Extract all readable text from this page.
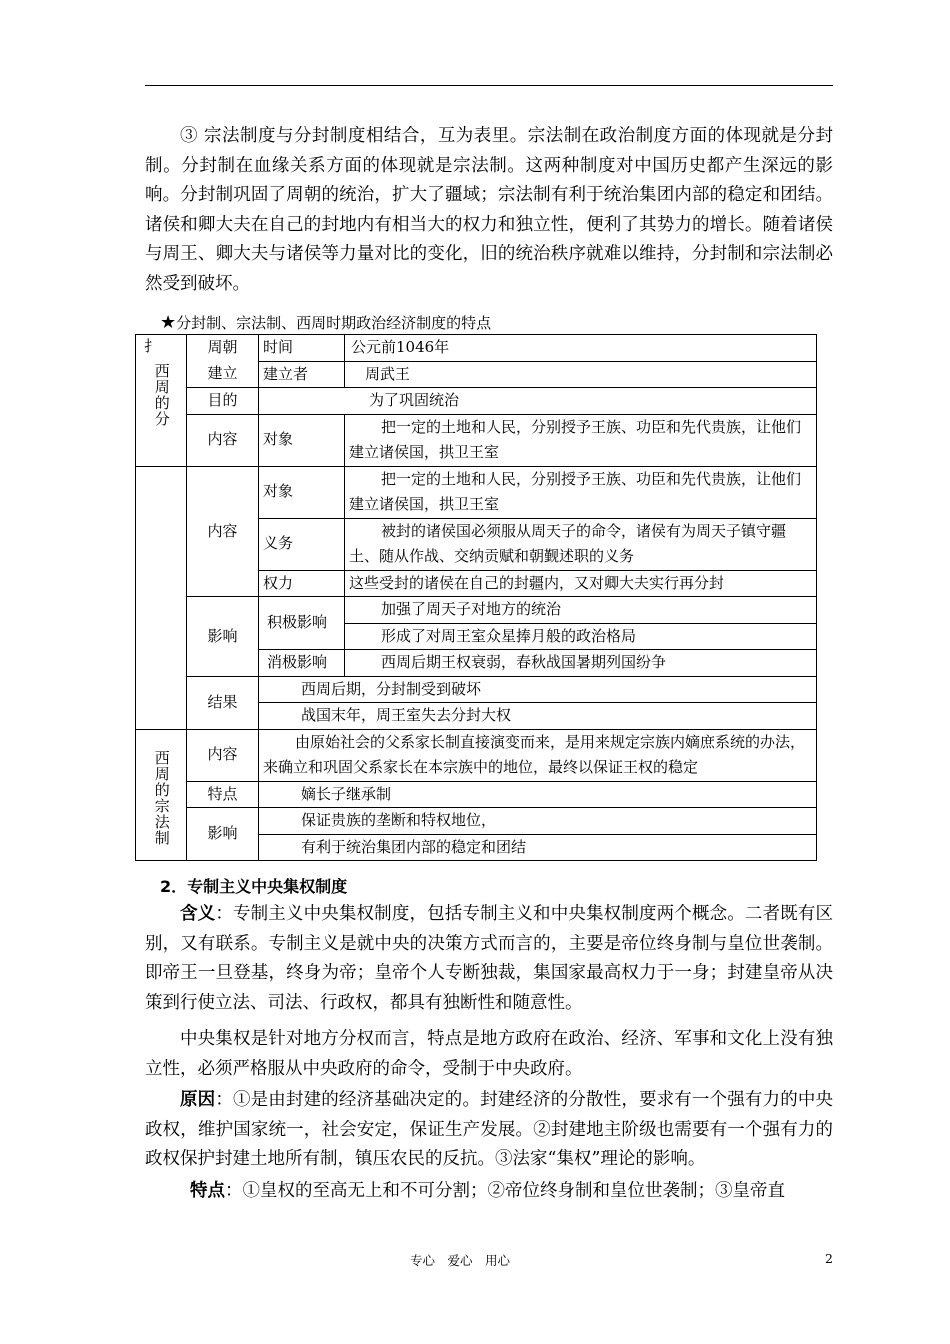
③ 宗法制度与分封制度相结合，互为表里。宗法制在政治制度方面的体现就是分封制。分封制在血缘关系方面的体现就是宗法制。这两种制度对中国历史都产生深远的影响。分封制巩固了周朝的统治，扩大了疆域；宗法制有利于统治集团内部的稳定和团结。诸侯和卿大夫在自己的封地内有相当大的权力和独立性，便利了其势力的增长。随着诸侯与周王、卿大夫与诸侯等力量对比的变化，旧的统治秩序就难以维持，分封制和宗法制必然受到破坏。

★分封制、宗法制、西周时期政治经济制度的特点
扌
西周的分	周朝	时间	公元前1046年
	建立	建立者	周武王
	目的	为了巩固统治	
	内容	对象	把一定的土地和人民，分别授予王族、功臣和先代贵族，让他们建立诸侯国，拱卫王室

	内容	对象	把一定的土地和人民，分别授予王族、功臣和先代贵族，让他们建立诸侯国，拱卫王室
		义务	被封的诸侯国必须服从周天子的命令，诸侯有为周天子镇守疆土、随从作战、交纳贡赋和朝觐述职的义务
		权力	这些受封的诸侯在自己的封疆内，又对卿大夫实行再分封
	影响	积极影响	加强了周天子对地方的统治
			形成了对周王室众星捧月般的政治格局
		消极影响	西周后期王权衰弱，春秋战国暑期列国纷争
	结果	西周后期，分封制受到破坏	
		战国末年，周王室失去分封大权	
西周的宗法制	内容	由原始社会的父系家长制直接演变而来，是用来规定宗族内嫡庶系统的办法，来确立和巩固父系家长在本宗族中的地位，最终以保证王权的稳定	
	特点	嫡长子继承制	
	影响	保证贵族的垄断和特权地位，	
		有利于统治集团内部的稳定和团结	
2．专制主义中央集权制度

含义：专制主义中央集权制度，包括专制主义和中央集权制度两个概念。二者既有区别，又有联系。专制主义是就中央的决策方式而言的，主要是帝位终身制与皇位世袭制。即帝王一旦登基，终身为帝；皇帝个人专断独裁，集国家最高权力于一身；封建皇帝从决策到行使立法、司法、行政权，都具有独断性和随意性。

中央集权是针对地方分权而言，特点是地方政府在政治、经济、军事和文化上没有独立性，必须严格服从中央政府的命令，受制于中央政府。

原因：①是由封建的经济基础决定的。封建经济的分散性，要求有一个强有力的中央政权，维护国家统一，社会安定，保证生产发展。②封建地主阶级也需要有一个强有力的政权保护封建土地所有制，镇压农民的反抗。③法家“集权”理论的影响。

特点：①皇权的至高无上和不可分割；②帝位终身制和皇位世袭制；③皇帝直

专心　爱心　用心	2
